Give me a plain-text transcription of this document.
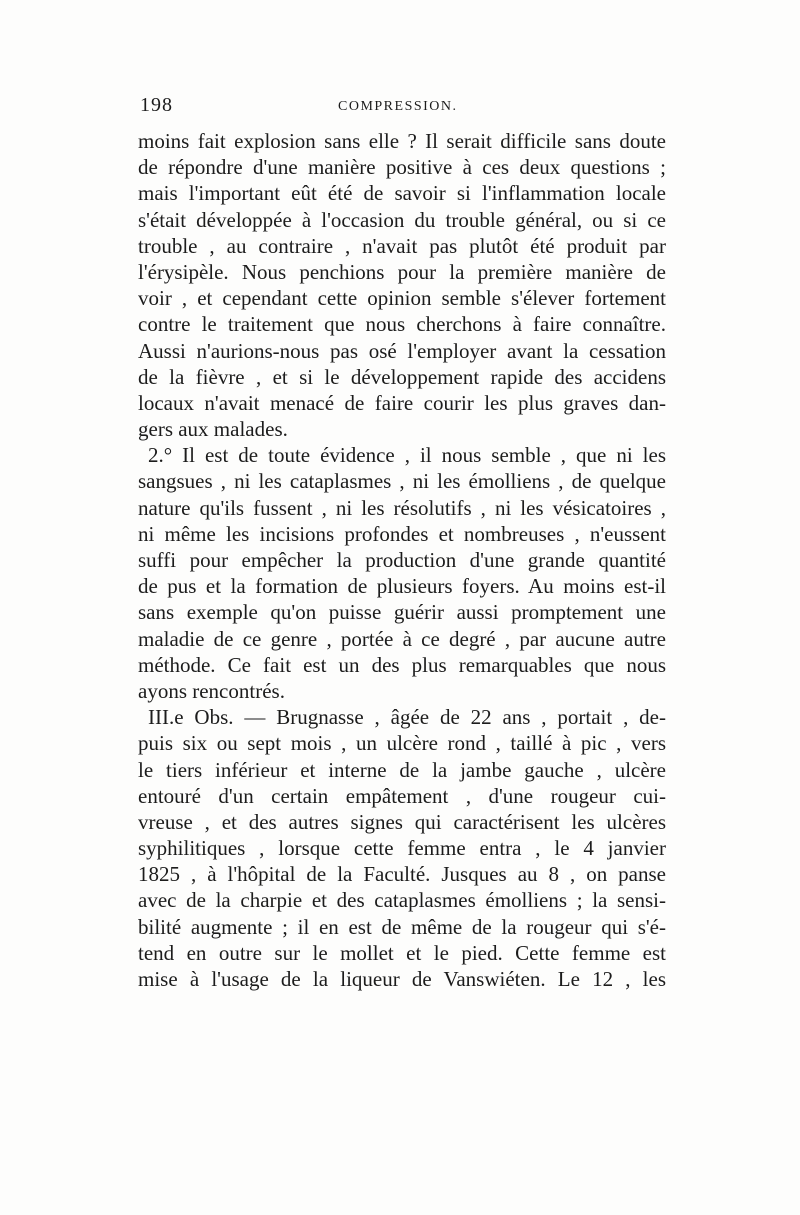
198	COMPRESSION.
moins fait explosion sans elle ? Il serait difficile sans doute
de répondre d'une manière positive à ces deux questions ;
mais l'important eût été de savoir si l'inflammation locale
s'était développée à l'occasion du trouble général, ou si ce
trouble , au contraire , n'avait pas plutôt été produit par
l'érysipèle. Nous penchions pour la première manière de
voir , et cependant cette opinion semble s'élever fortement
contre le traitement que nous cherchons à faire connaître.
Aussi n'aurions-nous pas osé l'employer avant la cessation
de la fièvre , et si le développement rapide des accidens
locaux n'avait menacé de faire courir les plus graves dan-
gers aux malades.
2.° Il est de toute évidence , il nous semble , que ni les
sangsues , ni les cataplasmes , ni les émolliens , de quelque
nature qu'ils fussent , ni les résolutifs , ni les vésicatoires ,
ni même les incisions profondes et nombreuses , n'eussent
suffi pour empêcher la production d'une grande quantité
de pus et la formation de plusieurs foyers. Au moins est-il
sans exemple qu'on puisse guérir aussi promptement une
maladie de ce genre , portée à ce degré , par aucune autre
méthode. Ce fait est un des plus remarquables que nous
ayons rencontrés.
III.e Obs. — Brugnasse , âgée de 22 ans , portait , de-
puis six ou sept mois , un ulcère rond , taillé à pic , vers
le tiers inférieur et interne de la jambe gauche , ulcère
entouré d'un certain empâtement , d'une rougeur cui-
vreuse , et des autres signes qui caractérisent les ulcères
syphilitiques , lorsque cette femme entra , le 4 janvier
1825 , à l'hôpital de la Faculté. Jusques au 8 , on panse
avec de la charpie et des cataplasmes émolliens ; la sensi-
bilité augmente ; il en est de même de la rougeur qui s'é-
tend en outre sur le mollet et le pied. Cette femme est
mise à l'usage de la liqueur de Vanswiéten. Le 12 , les
